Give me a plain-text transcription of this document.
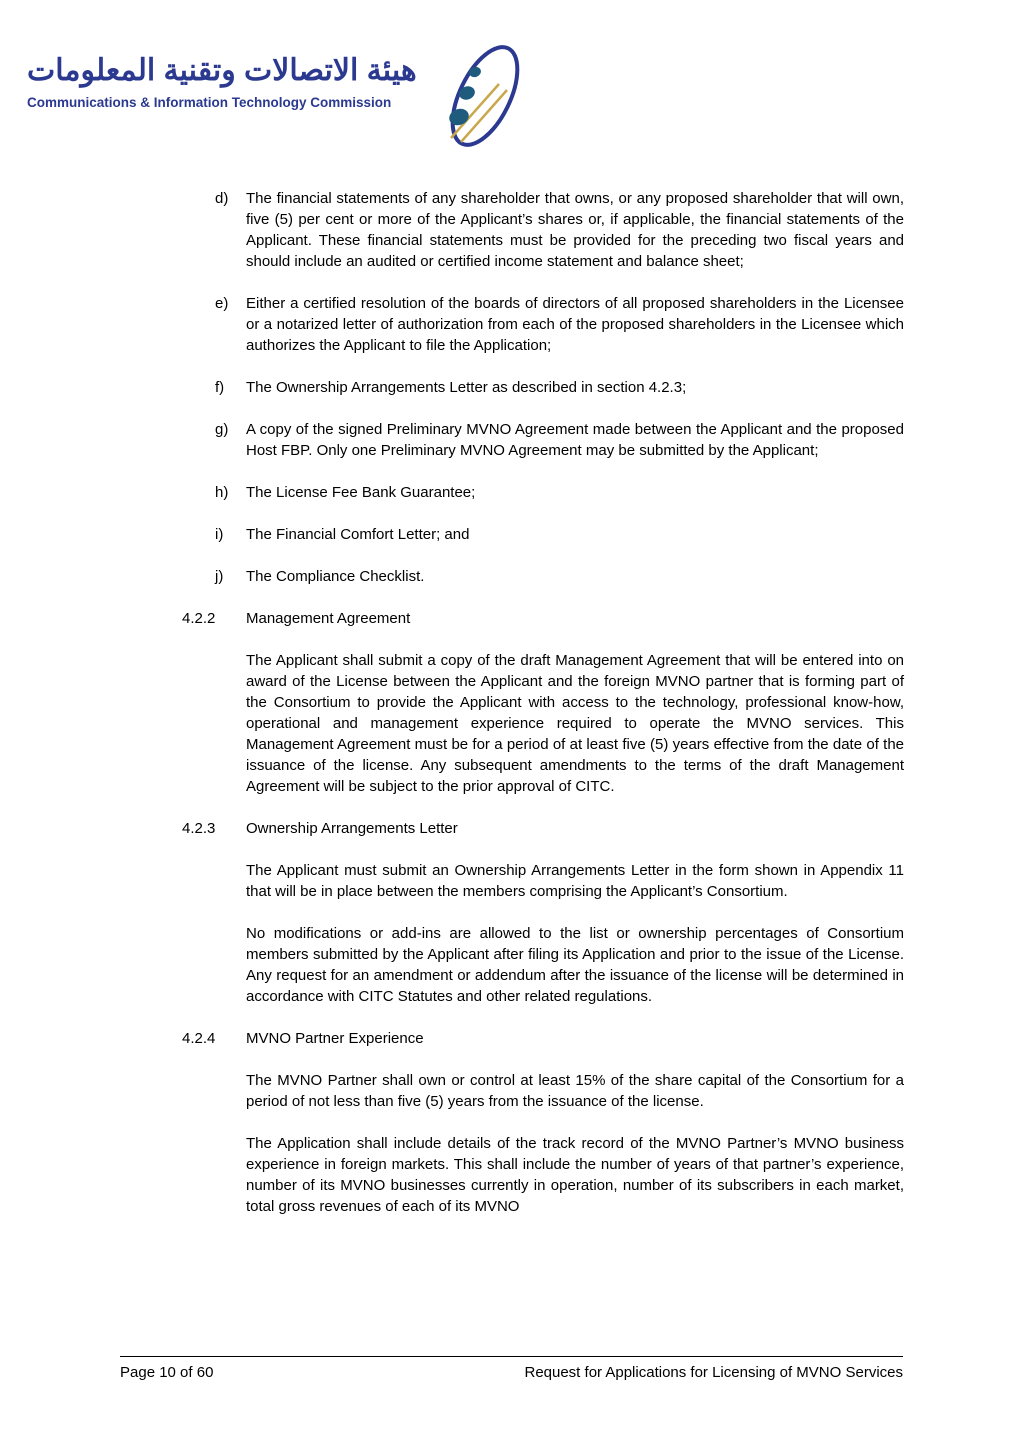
هيئة الاتصالات وتقنية المعلومات
Communications & Information Technology Commission
d)	The financial statements of any shareholder that owns, or any proposed shareholder that will own, five (5) per cent or more of the Applicant’s shares or, if applicable, the financial statements of the Applicant. These financial statements must be provided for the preceding two fiscal years and should include an audited or certified income statement and balance sheet;
e)	Either a certified resolution of the boards of directors of all proposed shareholders in the Licensee or a notarized letter of authorization from each of the proposed shareholders in the Licensee which authorizes the Applicant to file the Application;
f)	The Ownership Arrangements Letter as described in section 4.2.3;
g)	A copy of the signed Preliminary MVNO Agreement made between the Applicant and the proposed Host FBP. Only one Preliminary MVNO Agreement may be submitted by the Applicant;
h)	The License Fee Bank Guarantee;
i)	The Financial Comfort Letter; and
j)	The Compliance Checklist.
4.2.2	Management Agreement

The Applicant shall submit a copy of the draft Management Agreement that will be entered into on award of the License between the Applicant and the foreign MVNO partner that is forming part of the Consortium to provide the Applicant with access to the technology, professional know-how, operational and management experience required to operate the MVNO services. This Management Agreement must be for a period of at least five (5) years effective from the date of the issuance of the license. Any subsequent amendments to the terms of the draft Management Agreement will be subject to the prior approval of CITC.

4.2.3	Ownership Arrangements Letter

The Applicant must submit an Ownership Arrangements Letter in the form shown in Appendix 11 that will be in place between the members comprising the Applicant’s Consortium.

No modifications or add-ins are allowed to the list or ownership percentages of Consortium members submitted by the Applicant after filing its Application and prior to the issue of the License. Any request for an amendment or addendum after the issuance of the license will be determined in accordance with CITC Statutes and other related regulations.

4.2.4	MVNO Partner Experience

The MVNO Partner shall own or control at least 15% of the share capital of the Consortium for a period of not less than five (5) years from the issuance of the license.

The Application shall include details of the track record of the MVNO Partner’s MVNO business experience in foreign markets. This shall include the number of years of that partner’s experience, number of its MVNO businesses currently in operation, number of its subscribers in each market, total gross revenues of each of its MVNO

Page 10 of 60	Request for Applications for Licensing of MVNO Services
